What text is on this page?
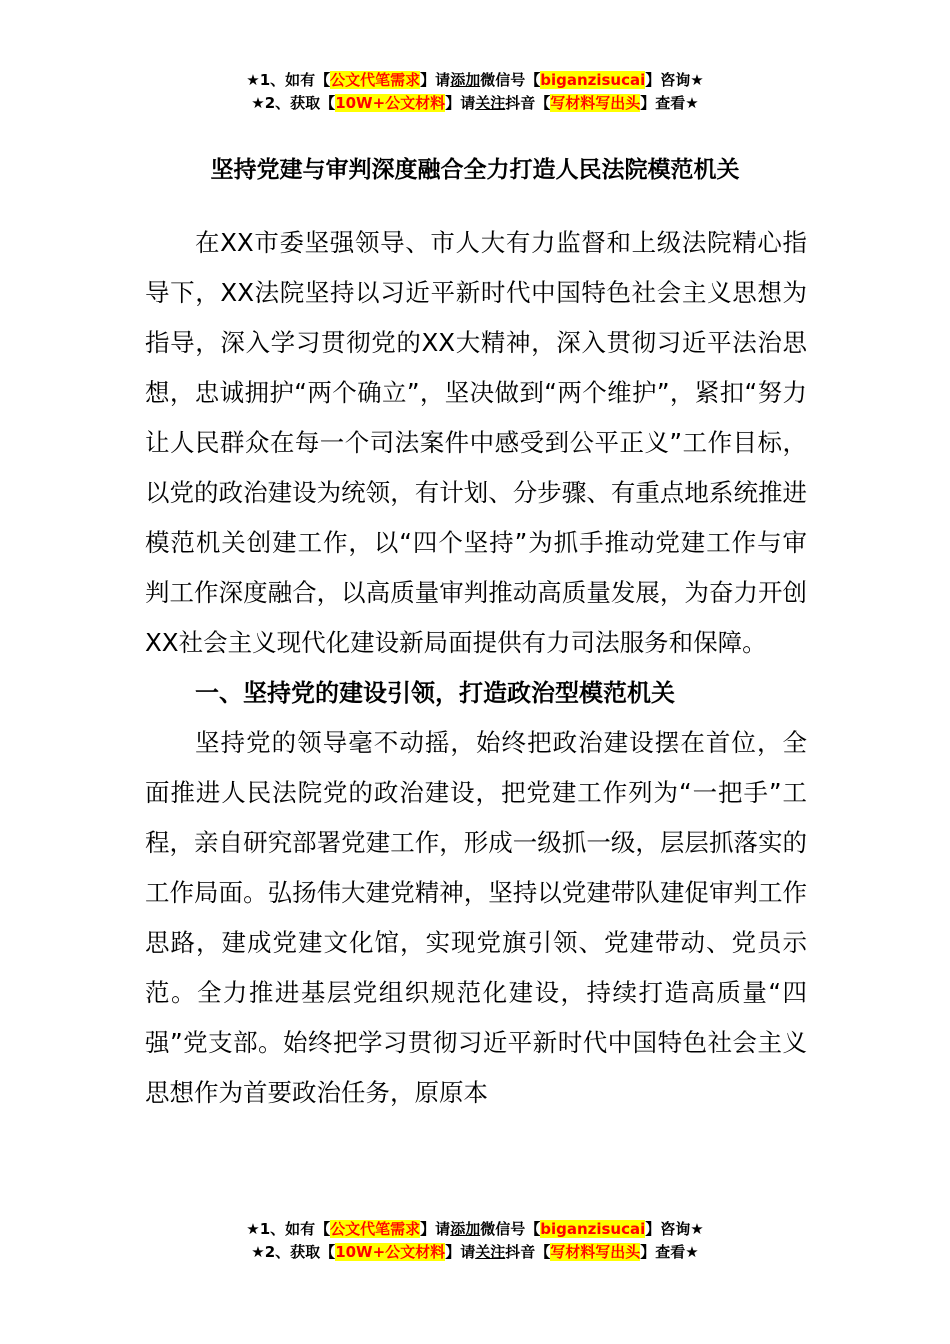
★1、如有【公文代笔需求】请添加微信号【biganzisucai】咨询★
★2、获取【10W+公文材料】请关注抖音【写材料写出头】查看★
坚持党建与审判深度融合全力打造人民法院模范机关

在XX市委坚强领导、市人大有力监督和上级法院精心指导下，XX法院坚持以习近平新时代中国特色社会主义思想为指导，深入学习贯彻党的XX大精神，深入贯彻习近平法治思想，忠诚拥护“两个确立”，坚决做到“两个维护”，紧扣“努力让人民群众在每一个司法案件中感受到公平正义”工作目标，以党的政治建设为统领，有计划、分步骤、有重点地系统推进模范机关创建工作，以“四个坚持”为抓手推动党建工作与审判工作深度融合，以高质量审判推动高质量发展，为奋力开创XX社会主义现代化建设新局面提供有力司法服务和保障。

一、坚持党的建设引领，打造政治型模范机关

坚持党的领导毫不动摇，始终把政治建设摆在首位，全面推进人民法院党的政治建设，把党建工作列为“一把手”工程，亲自研究部署党建工作，形成一级抓一级，层层抓落实的工作局面。弘扬伟大建党精神，坚持以党建带队建促审判工作思路，建成党建文化馆，实现党旗引领、党建带动、党员示范。全力推进基层党组织规范化建设，持续打造高质量“四强”党支部。始终把学习贯彻习近平新时代中国特色社会主义思想作为首要政治任务，原原本

★1、如有【公文代笔需求】请添加微信号【biganzisucai】咨询★
★2、获取【10W+公文材料】请关注抖音【写材料写出头】查看★
